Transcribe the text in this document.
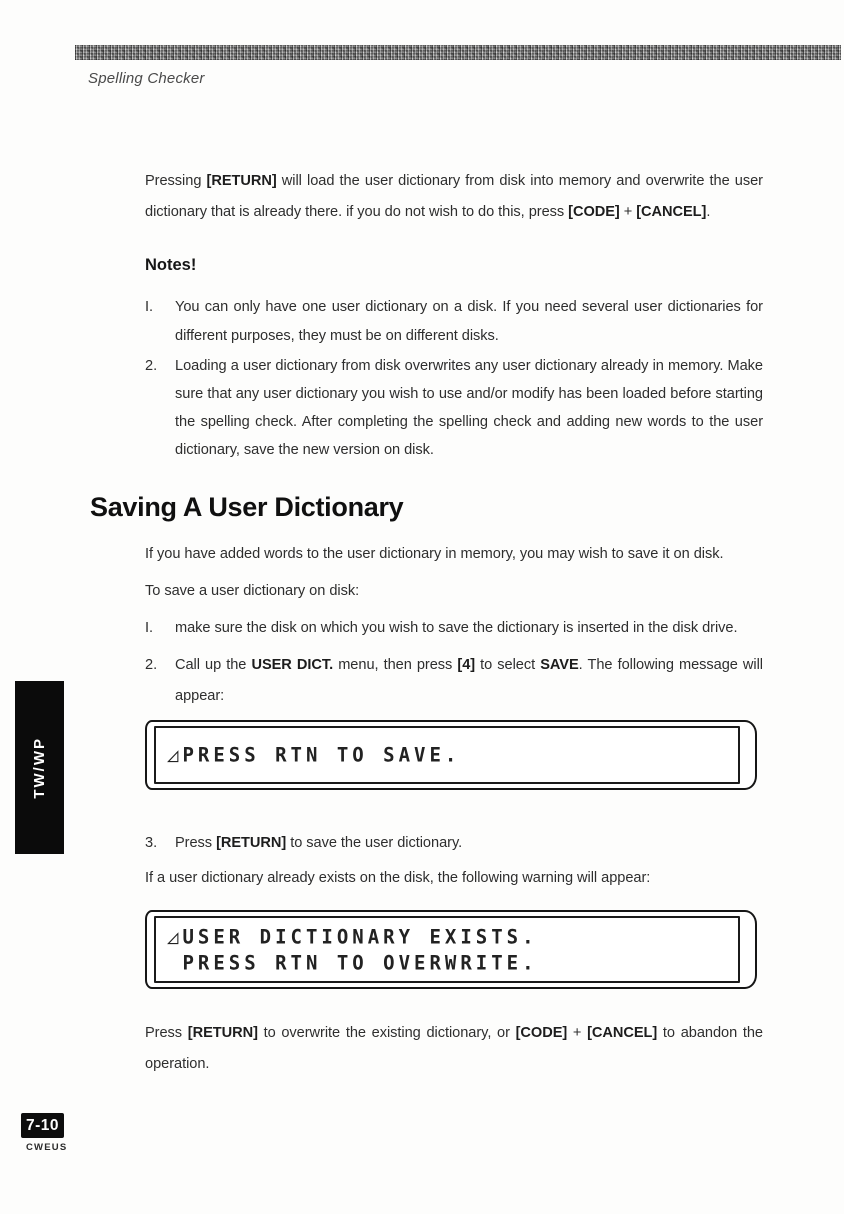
Spelling Checker

Pressing [RETURN] will load the user dictionary from disk into memory and overwrite the user dictionary that is already there. if you do not wish to do this, press [CODE] + [CANCEL].

Notes!
I.	You can only have one user dictionary on a disk. If you need several user dictionaries for different purposes, they must be on different disks.
2.	Loading a user dictionary from disk overwrites any user dictionary already in memory. Make sure that any user dictionary you wish to use and/or modify has been loaded before starting the spelling check. After completing the spelling check and adding new words to the user dictionary, save the new version on disk.
Saving A User Dictionary

If you have added words to the user dictionary in memory, you may wish to save it on disk.

To save a user dictionary on disk:

I.	make sure the disk on which you wish to save the dictionary is inserted in the disk drive.
2.	Call up the USER DICT. menu, then press [4] to select SAVE. The following message will appear:
◿PRESS RTN TO SAVE.
3.	Press [RETURN] to save the user dictionary.

If a user dictionary already exists on the disk, the following warning will appear:

◿USER DICTIONARY EXISTS.
PRESS RTN TO OVERWRITE.

Press [RETURN] to overwrite the existing dictionary, or [CODE] + [CANCEL] to abandon the operation.

TW/WP
7-10
CWEUS
